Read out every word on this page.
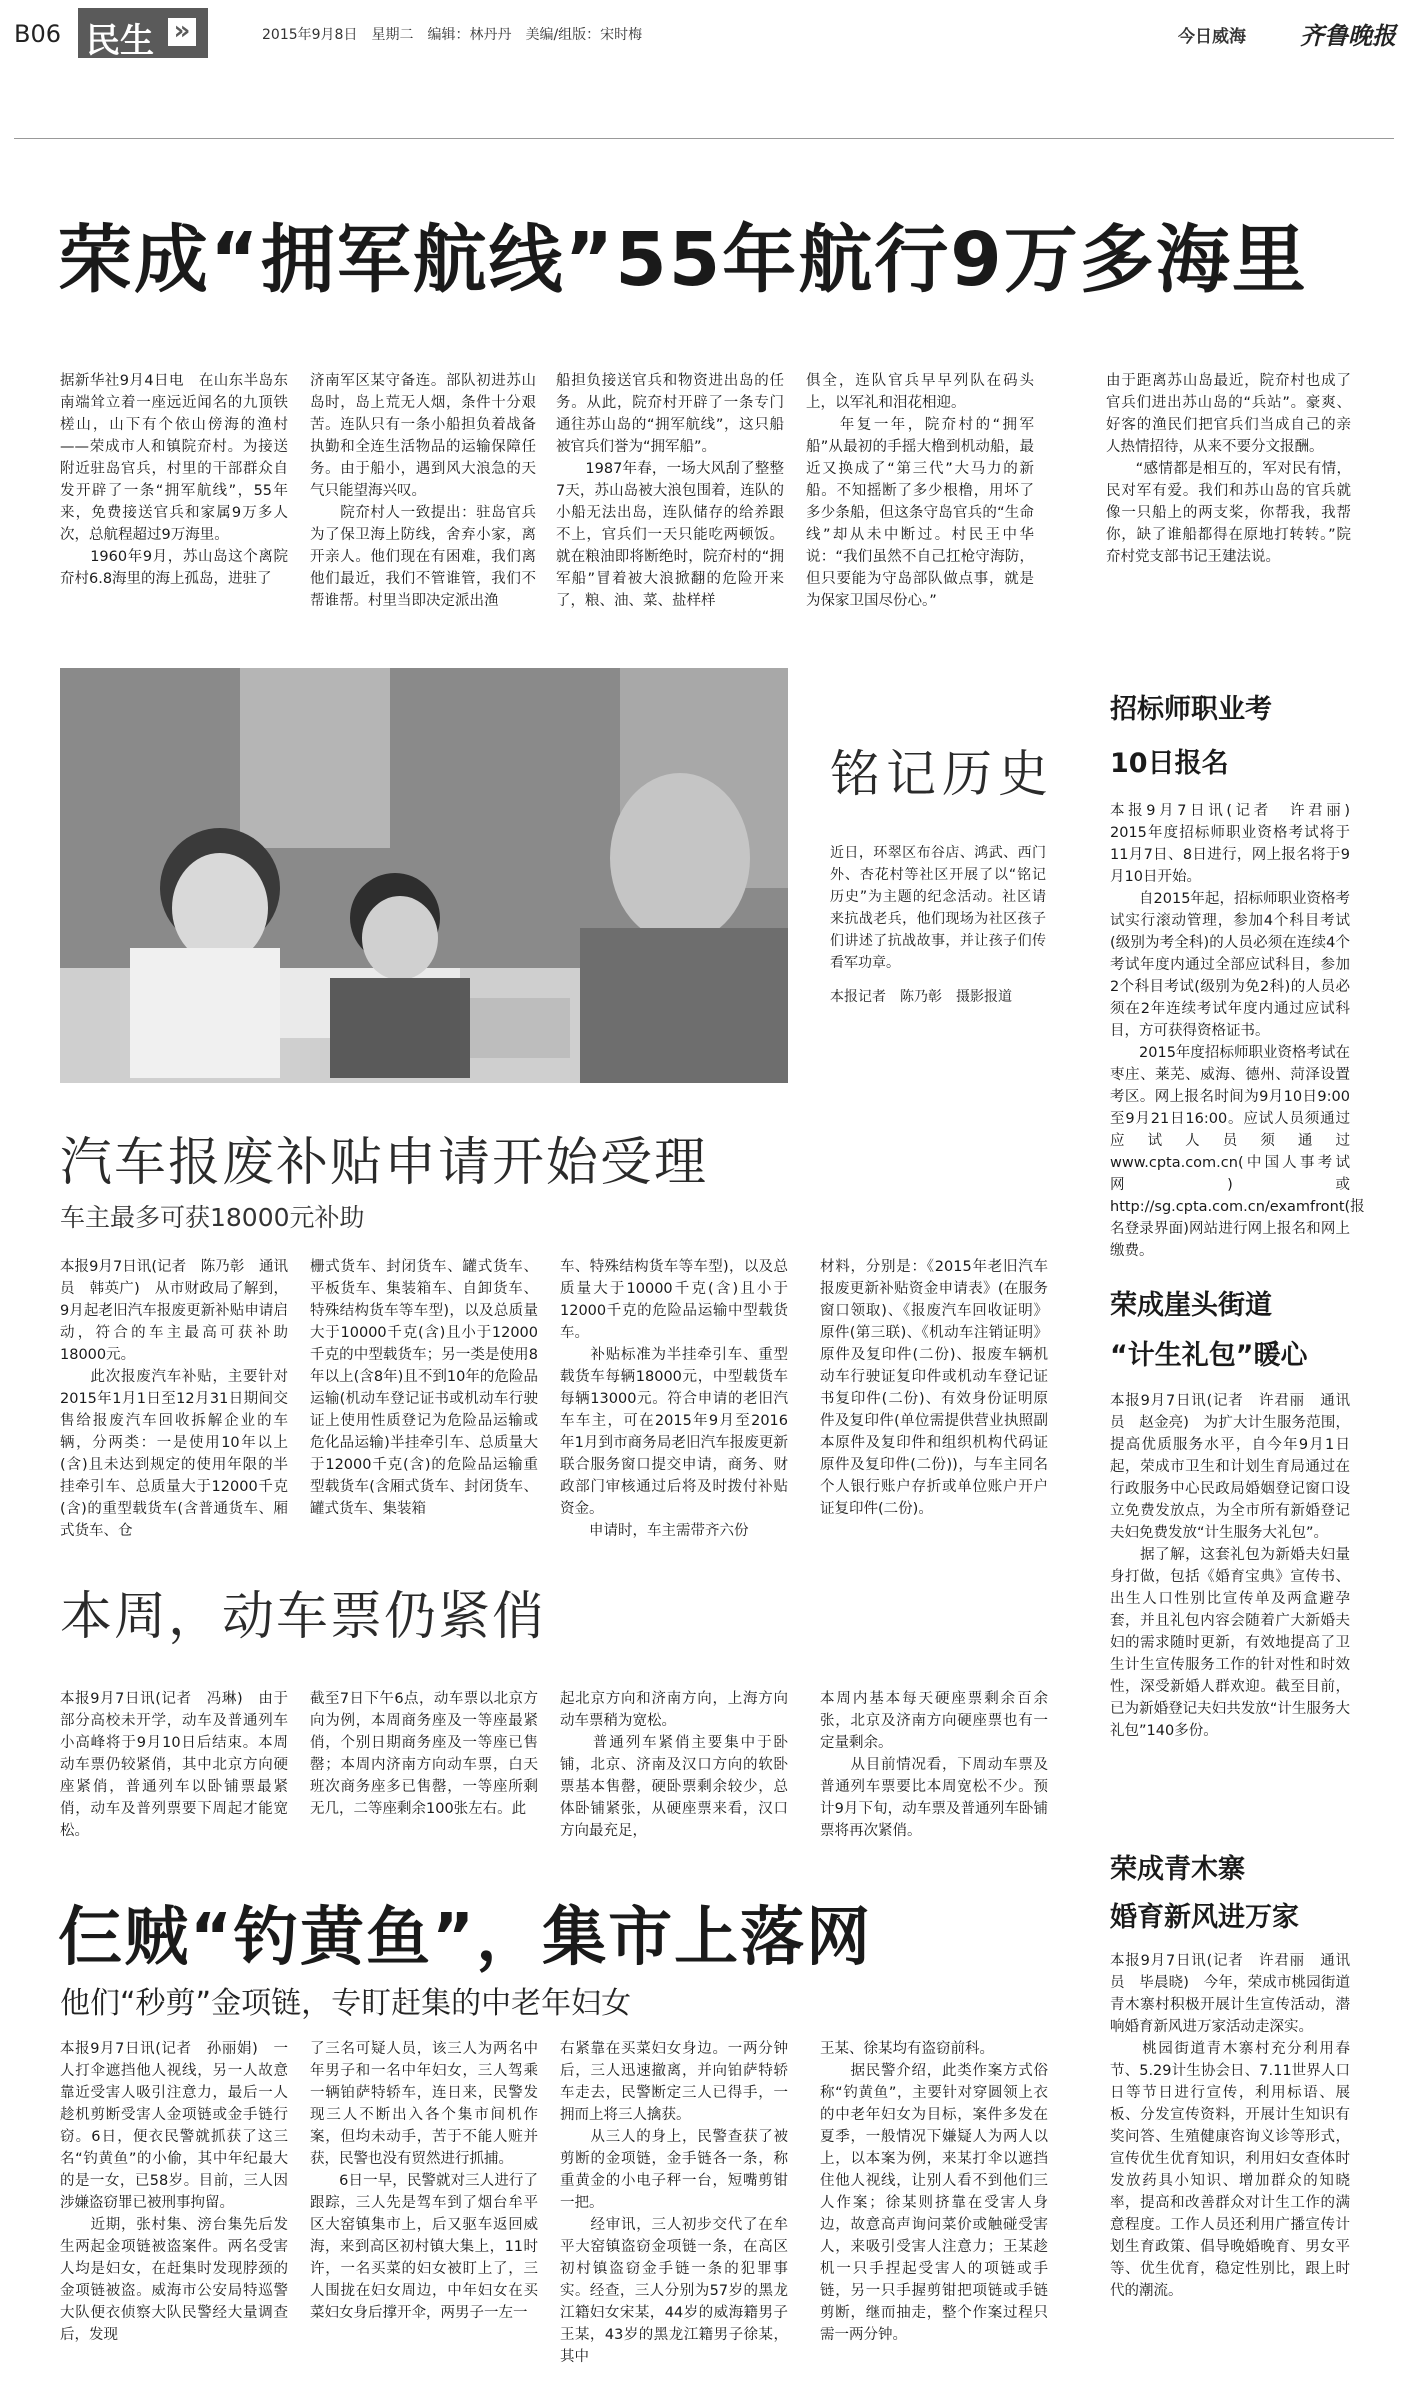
B06 民生 »	2015年9月8日　星期二　编辑：林丹丹　美编/组版：宋时梅	今日威海 齐鲁晚报
荣成“拥军航线”55年航行9万多海里
据新华社9月4日电　在山东半岛东南端耸立着一座远近闻名的九顶铁槎山，山下有个依山傍海的渔村——荣成市人和镇院夼村。为接送附近驻岛官兵，村里的干部群众自发开辟了一条“拥军航线”，55年来，免费接送官兵和家属9万多人次，总航程超过9万海里。
　　1960年9月，苏山岛这个离院夼村6.8海里的海上孤岛，进驻了
济南军区某守备连。部队初进苏山岛时，岛上荒无人烟，条件十分艰苦。连队只有一条小船担负着战备执勤和全连生活物品的运输保障任务。由于船小，遇到风大浪急的天气只能望海兴叹。
　　院夼村人一致提出：驻岛官兵为了保卫海上防线，舍弃小家，离开亲人。他们现在有困难，我们离他们最近，我们不管谁管，我们不帮谁帮。村里当即决定派出渔
船担负接送官兵和物资进出岛的任务。从此，院夼村开辟了一条专门通往苏山岛的“拥军航线”，这只船被官兵们誉为“拥军船”。
　　1987年春，一场大风刮了整整7天，苏山岛被大浪包围着，连队的小船无法出岛，连队储存的给养跟不上，官兵们一天只能吃两顿饭。就在粮油即将断绝时，院夼村的“拥军船”冒着被大浪掀翻的危险开来了，粮、油、菜、盐样样
俱全，连队官兵早早列队在码头上，以军礼和泪花相迎。
　　年复一年，院夼村的“拥军船”从最初的手摇大橹到机动船，最近又换成了“第三代”大马力的新船。不知摇断了多少根橹，用坏了多少条船，但这条守岛官兵的“生命线”却从未中断过。村民王中华说：“我们虽然不自己扛枪守海防，但只要能为守岛部队做点事，就是为保家卫国尽份心。”
由于距离苏山岛最近，院夼村也成了官兵们进出苏山岛的“兵站”。豪爽、好客的渔民们把官兵们当成自己的亲人热情招待，从来不要分文报酬。
　　“感情都是相互的，军对民有情，民对军有爱。我们和苏山岛的官兵就像一只船上的两支桨，你帮我，我帮你，缺了谁船都得在原地打转转。”院夼村党支部书记王建法说。
铭记历史
近日，环翠区布谷店、鸿武、西门外、杏花村等社区开展了以“铭记历史”为主题的纪念活动。社区请来抗战老兵，他们现场为社区孩子们讲述了抗战故事，并让孩子们传看军功章。
本报记者　陈乃彰　摄影报道
招标师职业考
10日报名
本报9月7日讯(记者　许君丽)　2015年度招标师职业资格考试将于11月7日、8日进行，网上报名将于9月10日开始。
　　自2015年起，招标师职业资格考试实行滚动管理，参加4个科目考试(级别为考全科)的人员必须在连续4个考试年度内通过全部应试科目，参加2个科目考试(级别为免2科)的人员必须在2年连续考试年度内通过应试科目，方可获得资格证书。
　　2015年度招标师职业资格考试在枣庄、莱芜、威海、德州、菏泽设置考区。网上报名时间为9月10日9:00至9月21日16:00。应试人员须通过应试人员须通过www.cpta.com.cn(中国人事考试网)或http://sg.cpta.com.cn/examfront(报名登录界面)网站进行网上报名和网上缴费。
汽车报废补贴申请开始受理
车主最多可获18000元补助
本报9月7日讯(记者　陈乃彰　通讯员　韩英广)　从市财政局了解到，9月起老旧汽车报废更新补贴申请启动，符合的车主最高可获补助18000元。
　　此次报废汽车补贴，主要针对2015年1月1日至12月31日期间交售给报废汽车回收拆解企业的车辆，分两类：一是使用10年以上(含)且未达到规定的使用年限的半挂牵引车、总质量大于12000千克(含)的重型载货车(含普通货车、厢式货车、仓
栅式货车、封闭货车、罐式货车、平板货车、集装箱车、自卸货车、特殊结构货车等车型)，以及总质量大于10000千克(含)且小于12000千克的中型载货车；另一类是使用8年以上(含8年)且不到10年的危险品运输(机动车登记证书或机动车行驶证上使用性质登记为危险品运输或危化品运输)半挂牵引车、总质量大于12000千克(含)的危险品运输重型载货车(含厢式货车、封闭货车、罐式货车、集装箱
车、特殊结构货车等车型)，以及总质量大于10000千克(含)且小于12000千克的危险品运输中型载货车。
　　补贴标准为半挂牵引车、重型载货车每辆18000元，中型载货车每辆13000元。符合申请的老旧汽车车主，可在2015年9月至2016年1月到市商务局老旧汽车报废更新联合服务窗口提交申请，商务、财政部门审核通过后将及时拨付补贴资金。
　　申请时，车主需带齐六份
材料，分别是：《2015年老旧汽车报废更新补贴资金申请表》(在服务窗口领取)、《报废汽车回收证明》原件(第三联)、《机动车注销证明》原件及复印件(二份)、报废车辆机动车行驶证复印件或机动车登记证书复印件(二份)、有效身份证明原件及复印件(单位需提供营业执照副本原件及复印件和组织机构代码证原件及复印件(二份))，与车主同名个人银行账户存折或单位账户开户证复印件(二份)。
荣成崖头街道
“计生礼包”暖心
本报9月7日讯(记者　许君丽　通讯员　赵金亮)　为扩大计生服务范围，提高优质服务水平，自今年9月1日起，荣成市卫生和计划生育局通过在行政服务中心民政局婚姻登记窗口设立免费发放点，为全市所有新婚登记夫妇免费发放“计生服务大礼包”。
　　据了解，这套礼包为新婚夫妇量身打做，包括《婚育宝典》宣传书、出生人口性别比宣传单及两盒避孕套，并且礼包内容会随着广大新婚夫妇的需求随时更新，有效地提高了卫生计生宣传服务工作的针对性和时效性，深受新婚人群欢迎。截至目前，已为新婚登记夫妇共发放“计生服务大礼包”140多份。
本周，动车票仍紧俏
本报9月7日讯(记者　冯琳)　由于部分高校未开学，动车及普通列车小高峰将于9月10日后结束。本周动车票仍较紧俏，其中北京方向硬座紧俏，普通列车以卧铺票最紧俏，动车及普列票要下周起才能宽松。
截至7日下午6点，动车票以北京方向为例，本周商务座及一等座最紧俏，个别日期商务座及一等座已售罄；本周内济南方向动车票，白天班次商务座多已售罄，一等座所剩无几，二等座剩余100张左右。此
起北京方向和济南方向，上海方向动车票稍为宽松。
　　普通列车紧俏主要集中于卧铺，北京、济南及汉口方向的软卧票基本售罄，硬卧票剩余较少，总体卧铺紧张，从硬座票来看，汉口方向最充足，
本周内基本每天硬座票剩余百余张，北京及济南方向硬座票也有一定量剩余。
　　从目前情况看，下周动车票及普通列车票要比本周宽松不少。预计9月下旬，动车票及普通列车卧铺票将再次紧俏。
荣成青木寨
婚育新风进万家
本报9月7日讯(记者　许君丽　通讯员　毕晨晓)　今年，荣成市桃园街道青木寨村积极开展计生宣传活动，潜响婚育新风进万家活动走深实。
　　桃园街道青木寨村充分利用春节、5.29计生协会日、7.11世界人口日等节日进行宣传，利用标语、展板、分发宣传资料，开展计生知识有奖问答、生殖健康咨询义诊等形式，宣传优生优育知识，利用妇女查体时发放药具小知识、增加群众的知晓率，提高和改善群众对计生工作的满意程度。工作人员还利用广播宣传计划生育政策、倡导晚婚晚育、男女平等、优生优育，稳定性别比，跟上时代的潮流。
仨贼“钓黄鱼”，集市上落网
他们“秒剪”金项链，专盯赶集的中老年妇女
本报9月7日讯(记者　孙丽娟)　一人打伞遮挡他人视线，另一人故意靠近受害人吸引注意力，最后一人趁机剪断受害人金项链或金手链行窃。6日，便衣民警就抓获了这三名“钓黄鱼”的小偷，其中年纪最大的是一女，已58岁。目前，三人因涉嫌盗窃罪已被刑事拘留。
　　近期，张村集、滂台集先后发生两起金项链被盗案件。两名受害人均是妇女，在赶集时发现脖颈的金项链被盗。威海市公安局特巡警大队便衣侦察大队民警经大量调查后，发现
了三名可疑人员，该三人为两名中年男子和一名中年妇女，三人驾乘一辆铂萨特轿车，连日来，民警发现三人不断出入各个集市间机作案，但均未动手，苦于不能人赃并获，民警也没有贸然进行抓捕。
　　6日一早，民警就对三人进行了跟踪，三人先是驾车到了烟台牟平区大窑镇集市上，后又驱车返回威海，来到高区初村镇大集上，11时许，一名买菜的妇女被盯上了，三人围拢在妇女周边，中年妇女在买菜妇女身后撑开伞，两男子一左一
右紧靠在买菜妇女身边。一两分钟后，三人迅速撤离，并向铂萨特轿车走去，民警断定三人已得手，一拥而上将三人擒获。
　　从三人的身上，民警查获了被剪断的金项链，金手链各一条，称重黄金的小电子秤一台，短嘴剪钳一把。
　　经审讯，三人初步交代了在牟平大窑镇盗窃金项链一条，在高区初村镇盗窃金手链一条的犯罪事实。经查，三人分别为57岁的黑龙江籍妇女宋某，44岁的威海籍男子王某，43岁的黑龙江籍男子徐某，其中
王某、徐某均有盗窃前科。
　　据民警介绍，此类作案方式俗称“钓黄鱼”，主要针对穿圆领上衣的中老年妇女为目标，案件多发在夏季，一般情况下嫌疑人为两人以上，以本案为例，来某打伞以遮挡住他人视线，让别人看不到他们三人作案；徐某则挤靠在受害人身边，故意高声询问菜价或触碰受害人，来吸引受害人注意力；王某趁机一只手捏起受害人的项链或手链，另一只手握剪钳把项链或手链剪断，继而抽走，整个作案过程只需一两分钟。
